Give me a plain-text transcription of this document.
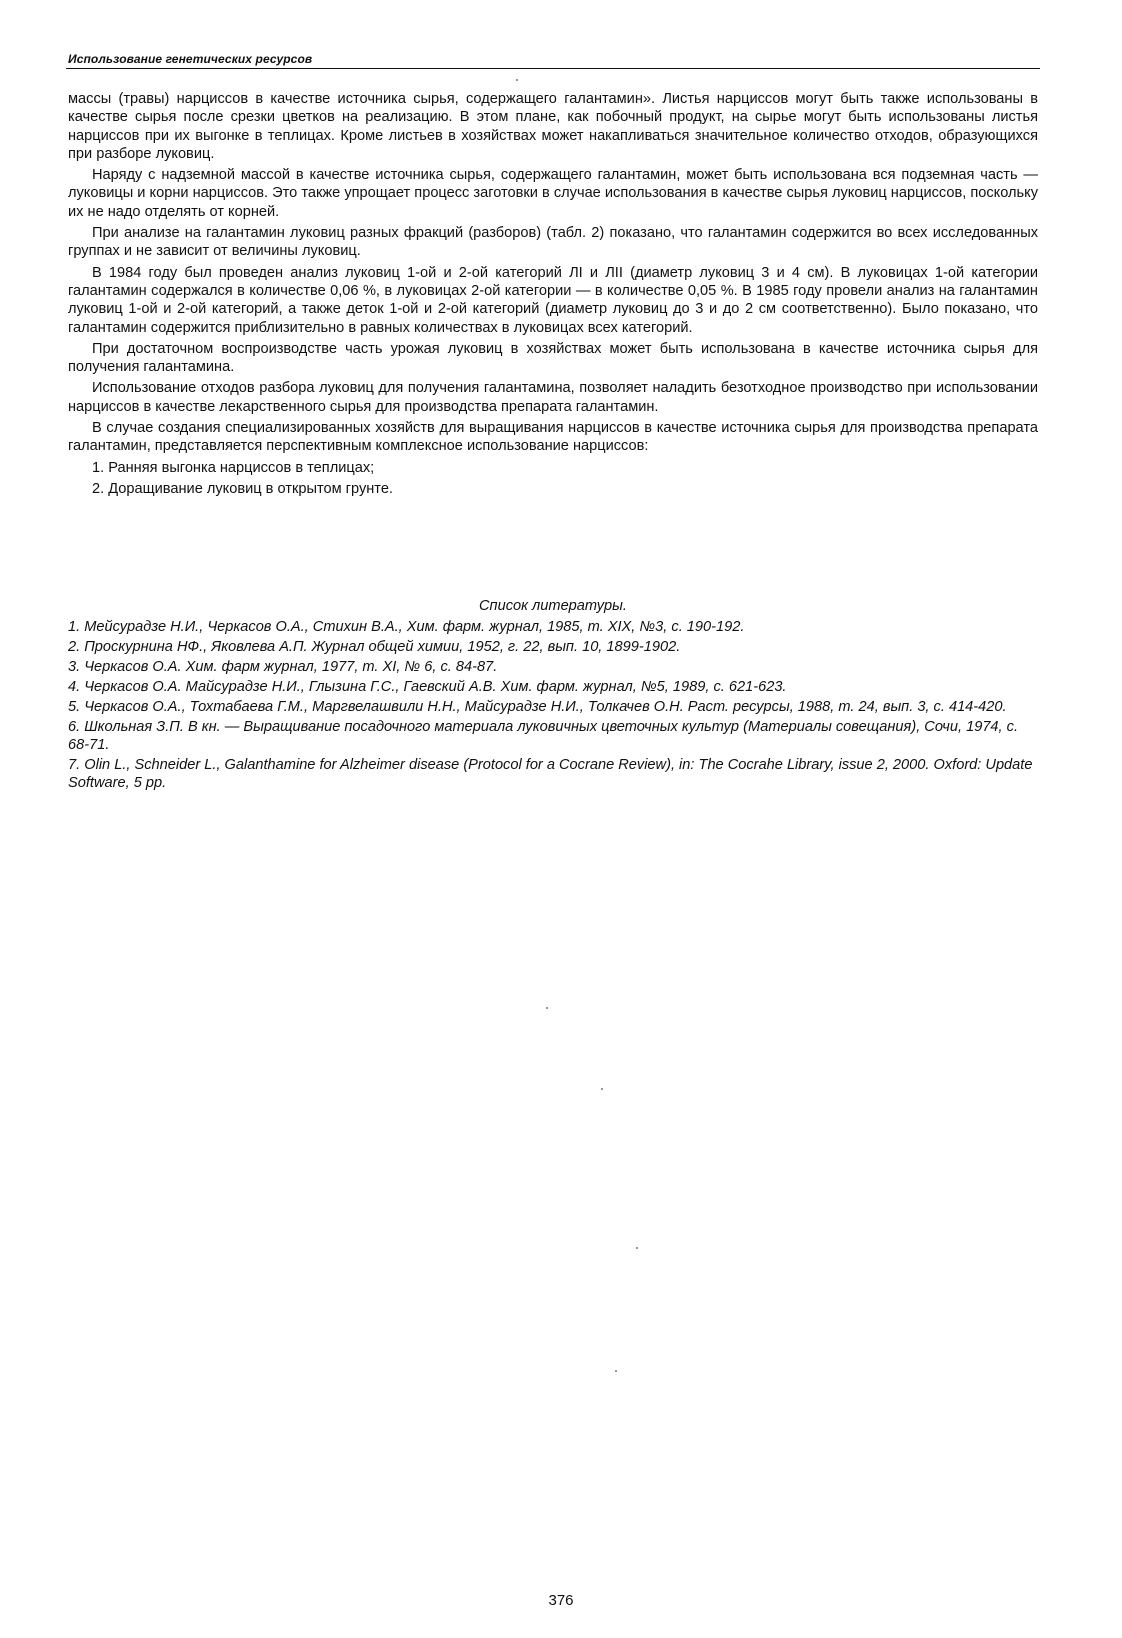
Использование генетических ресурсов

массы (травы) нарциссов в качестве источника сырья, содержащего галантамин». Листья нарциссов могут быть также использованы в качестве сырья после срезки цветков на реализацию. В этом плане, как побочный продукт, на сырье могут быть использованы листья нарциссов при их выгонке в теплицах. Кроме листьев в хозяйствах может накапливаться значительное количество отходов, образующихся при разборе луковиц.

Наряду с надземной массой в качестве источника сырья, содержащего галантамин, может быть использована вся подземная часть — луковицы и корни нарциссов. Это также упрощает процесс заготовки в случае использования в качестве сырья луковиц нарциссов, поскольку их не надо отделять от корней.

При анализе на галантамин луковиц разных фракций (разборов) (табл. 2) показано, что галантамин содержится во всех исследованных группах и не зависит от величины луковиц.

В 1984 году был проведен анализ луковиц 1-ой и 2-ой категорий ЛI и ЛII (диаметр луковиц 3 и 4 см). В луковицах 1-ой категории галантамин содержался в количестве 0,06 %, в луковицах 2-ой категории — в количестве 0,05 %. В 1985 году провели анализ на галантамин луковиц 1-ой и 2-ой категорий, а также деток 1-ой и 2-ой категорий (диаметр луковиц до 3 и до 2 см соответственно). Было показано, что галантамин содержится приблизительно в равных количествах в луковицах всех категорий.

При достаточном воспроизводстве часть урожая луковиц в хозяйствах может быть использована в качестве источника сырья для получения галантамина.

Использование отходов разбора луковиц для получения галантамина, позволяет наладить безотходное производство при использовании нарциссов в качестве лекарственного сырья для производства препарата галантамин.

В случае создания специализированных хозяйств для выращивания нарциссов в качестве источника сырья для производства препарата галантамин, представляется перспективным комплексное использование нарциссов:

1. Ранняя выгонка нарциссов в теплицах;
2. Доращивание луковиц в открытом грунте.
Список литературы.
1. Мейсурадзе Н.И., Черкасов О.А., Стихин В.А., Хим. фарм. журнал, 1985, т. XIX, №3, с. 190-192.
2. Проскурнина НФ., Яковлева А.П. Журнал общей химии, 1952, г. 22, вып. 10, 1899-1902.
3. Черкасов О.А. Хим. фарм журнал, 1977, т. XI, № 6, с. 84-87.
4. Черкасов О.А. Майсурадзе Н.И., Глызина Г.С., Гаевский А.В. Хим. фарм. журнал, №5, 1989, с. 621-623.
5. Черкасов О.А., Тохтабаева Г.М., Маргвелашвили Н.Н., Майсурадзе Н.И., Толкачев О.Н. Раст. ресурсы, 1988, т. 24, вып. 3, с. 414-420.
6. Школьная З.П. В кн. — Выращивание посадочного материала луковичных цветочных культур (Материалы совещания), Сочи, 1974, с. 68-71.
7. Olin L., Schneider L., Galanthamine for Alzheimer disease (Protocol for a Cocrane Review), in: The Cocrahe Library, issue 2, 2000. Oxford: Update Software, 5 pp.
376
